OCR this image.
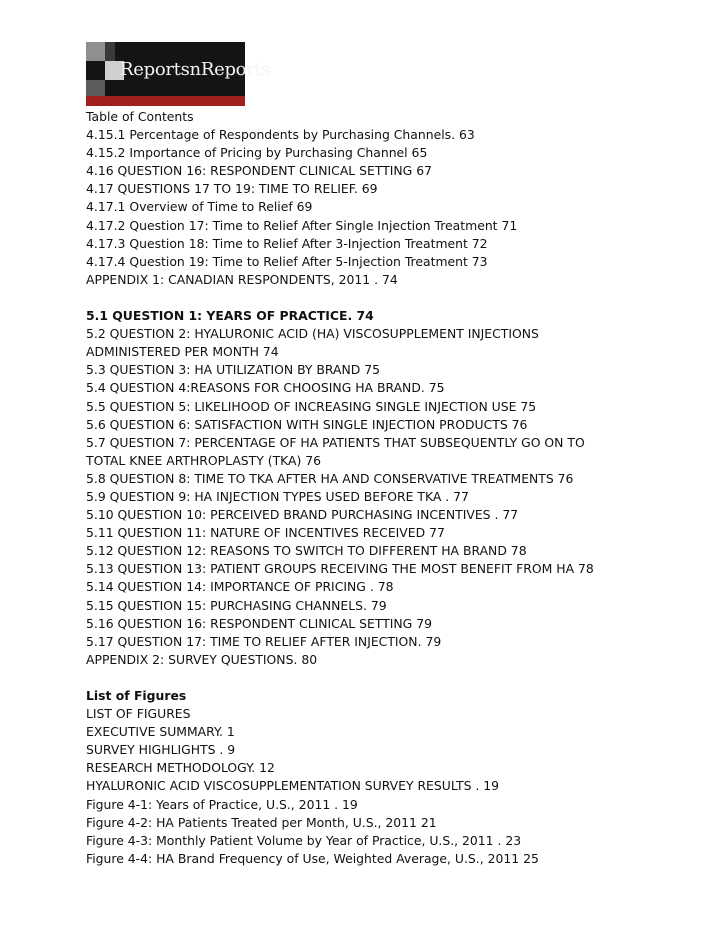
ReportsnReports
Table of Contents
4.15.1 Percentage of Respondents by Purchasing Channels. 63
4.15.2 Importance of Pricing by Purchasing Channel 65
4.16 QUESTION 16: RESPONDENT CLINICAL SETTING 67
4.17 QUESTIONS 17 TO 19: TIME TO RELIEF. 69
4.17.1 Overview of Time to Relief 69
4.17.2 Question 17: Time to Relief After Single Injection Treatment 71
4.17.3 Question 18: Time to Relief After 3-Injection Treatment 72
4.17.4 Question 19: Time to Relief After 5-Injection Treatment 73
APPENDIX 1: CANADIAN RESPONDENTS, 2011 . 74
5.1 QUESTION 1: YEARS OF PRACTICE. 74
5.2 QUESTION 2: HYALURONIC ACID (HA) VISCOSUPPLEMENT INJECTIONS
ADMINISTERED PER MONTH 74
5.3 QUESTION 3: HA UTILIZATION BY BRAND 75
5.4 QUESTION 4:REASONS FOR CHOOSING HA BRAND. 75
5.5 QUESTION 5: LIKELIHOOD OF INCREASING SINGLE INJECTION USE 75
5.6 QUESTION 6: SATISFACTION WITH SINGLE INJECTION PRODUCTS 76
5.7 QUESTION 7: PERCENTAGE OF HA PATIENTS THAT SUBSEQUENTLY GO ON TO
TOTAL KNEE ARTHROPLASTY (TKA) 76
5.8 QUESTION 8: TIME TO TKA AFTER HA AND CONSERVATIVE TREATMENTS 76
5.9 QUESTION 9: HA INJECTION TYPES USED BEFORE TKA . 77
5.10 QUESTION 10: PERCEIVED BRAND PURCHASING INCENTIVES . 77
5.11 QUESTION 11: NATURE OF INCENTIVES RECEIVED 77
5.12 QUESTION 12: REASONS TO SWITCH TO DIFFERENT HA BRAND 78
5.13 QUESTION 13: PATIENT GROUPS RECEIVING THE MOST BENEFIT FROM HA 78
5.14 QUESTION 14: IMPORTANCE OF PRICING . 78
5.15 QUESTION 15: PURCHASING CHANNELS. 79
5.16 QUESTION 16: RESPONDENT CLINICAL SETTING 79
5.17 QUESTION 17: TIME TO RELIEF AFTER INJECTION. 79
APPENDIX 2: SURVEY QUESTIONS. 80
List of Figures
LIST OF FIGURES
EXECUTIVE SUMMARY. 1
SURVEY HIGHLIGHTS . 9
RESEARCH METHODOLOGY. 12
HYALURONIC ACID VISCOSUPPLEMENTATION SURVEY RESULTS . 19
Figure 4-1: Years of Practice, U.S., 2011 . 19
Figure 4-2: HA Patients Treated per Month, U.S., 2011 21
Figure 4-3: Monthly Patient Volume by Year of Practice, U.S., 2011 . 23
Figure 4-4: HA Brand Frequency of Use, Weighted Average, U.S., 2011 25
